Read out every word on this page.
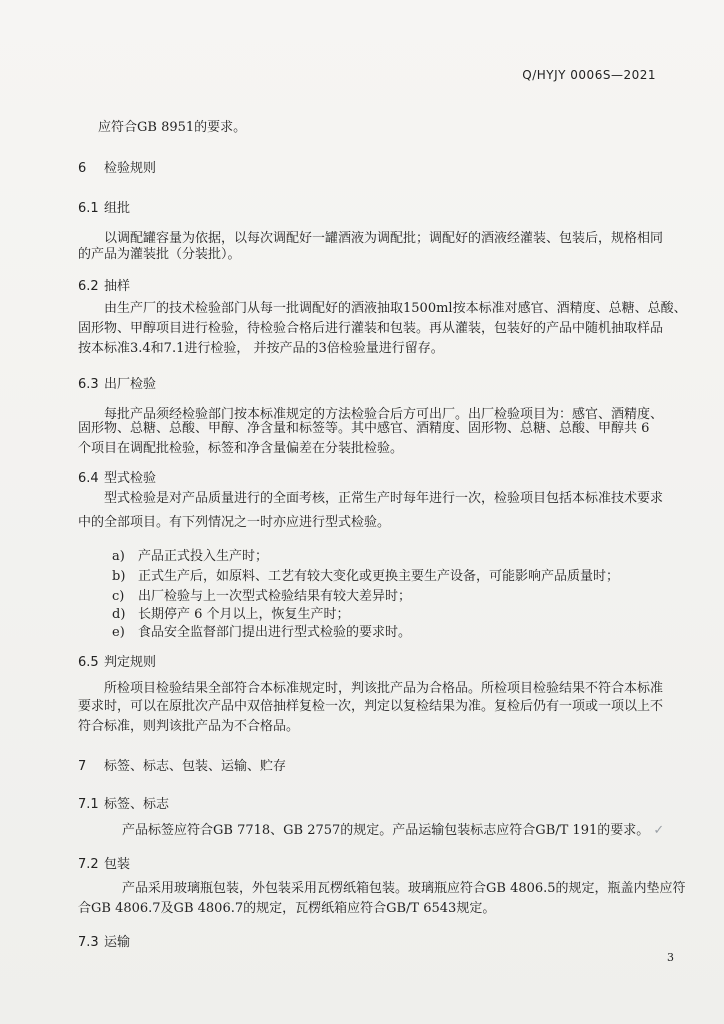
Q/HYJY 0006S—2021
应符合GB 8951的要求。
6 检验规则
6.1 组批
以调配罐容量为依据，以每次调配好一罐酒液为调配批；调配好的酒液经灌装、包装后，规格相同
的产品为灌装批（分装批）。
6.2 抽样
由生产厂的技术检验部门从每一批调配好的酒液抽取1500ml按本标准对感官、酒精度、总糖、总酸、
固形物、甲醇项目进行检验，待检验合格后进行灌装和包装。再从灌装，包装好的产品中随机抽取样品
按本标准3.4和7.1进行检验， 并按产品的3倍检验量进行留存。
6.3 出厂检验
每批产品须经检验部门按本标准规定的方法检验合后方可出厂。出厂检验项目为：感官、酒精度、
固形物、总糖、总酸、甲醇、净含量和标签等。其中感官、酒精度、固形物、总糖、总酸、甲醇共 6
个项目在调配批检验，标签和净含量偏差在分装批检验。
6.4 型式检验
型式检验是对产品质量进行的全面考核，正常生产时每年进行一次，检验项目包括本标准技术要求
中的全部项目。有下列情况之一时亦应进行型式检验。
a) 产品正式投入生产时；
b) 正式生产后，如原料、工艺有较大变化或更换主要生产设备，可能影响产品质量时；
c) 出厂检验与上一次型式检验结果有较大差异时；
d) 长期停产 6 个月以上，恢复生产时；
e) 食品安全监督部门提出进行型式检验的要求时。
6.5 判定规则
所检项目检验结果全部符合本标准规定时，判该批产品为合格品。所检项目检验结果不符合本标准
要求时，可以在原批次产品中双倍抽样复检一次，判定以复检结果为准。复检后仍有一项或一项以上不
符合标准，则判该批产品为不合格品。
7 标签、标志、包装、运输、贮存
7.1 标签、标志
产品标签应符合GB 7718、GB 2757的规定。产品运输包装标志应符合GB/T 191的要求。 ✓
7.2 包装
产品采用玻璃瓶包装，外包装采用瓦楞纸箱包装。玻璃瓶应符合GB 4806.5的规定，瓶盖内垫应符
合GB 4806.7及GB 4806.7的规定，瓦楞纸箱应符合GB/T 6543规定。
7.3 运输
3
